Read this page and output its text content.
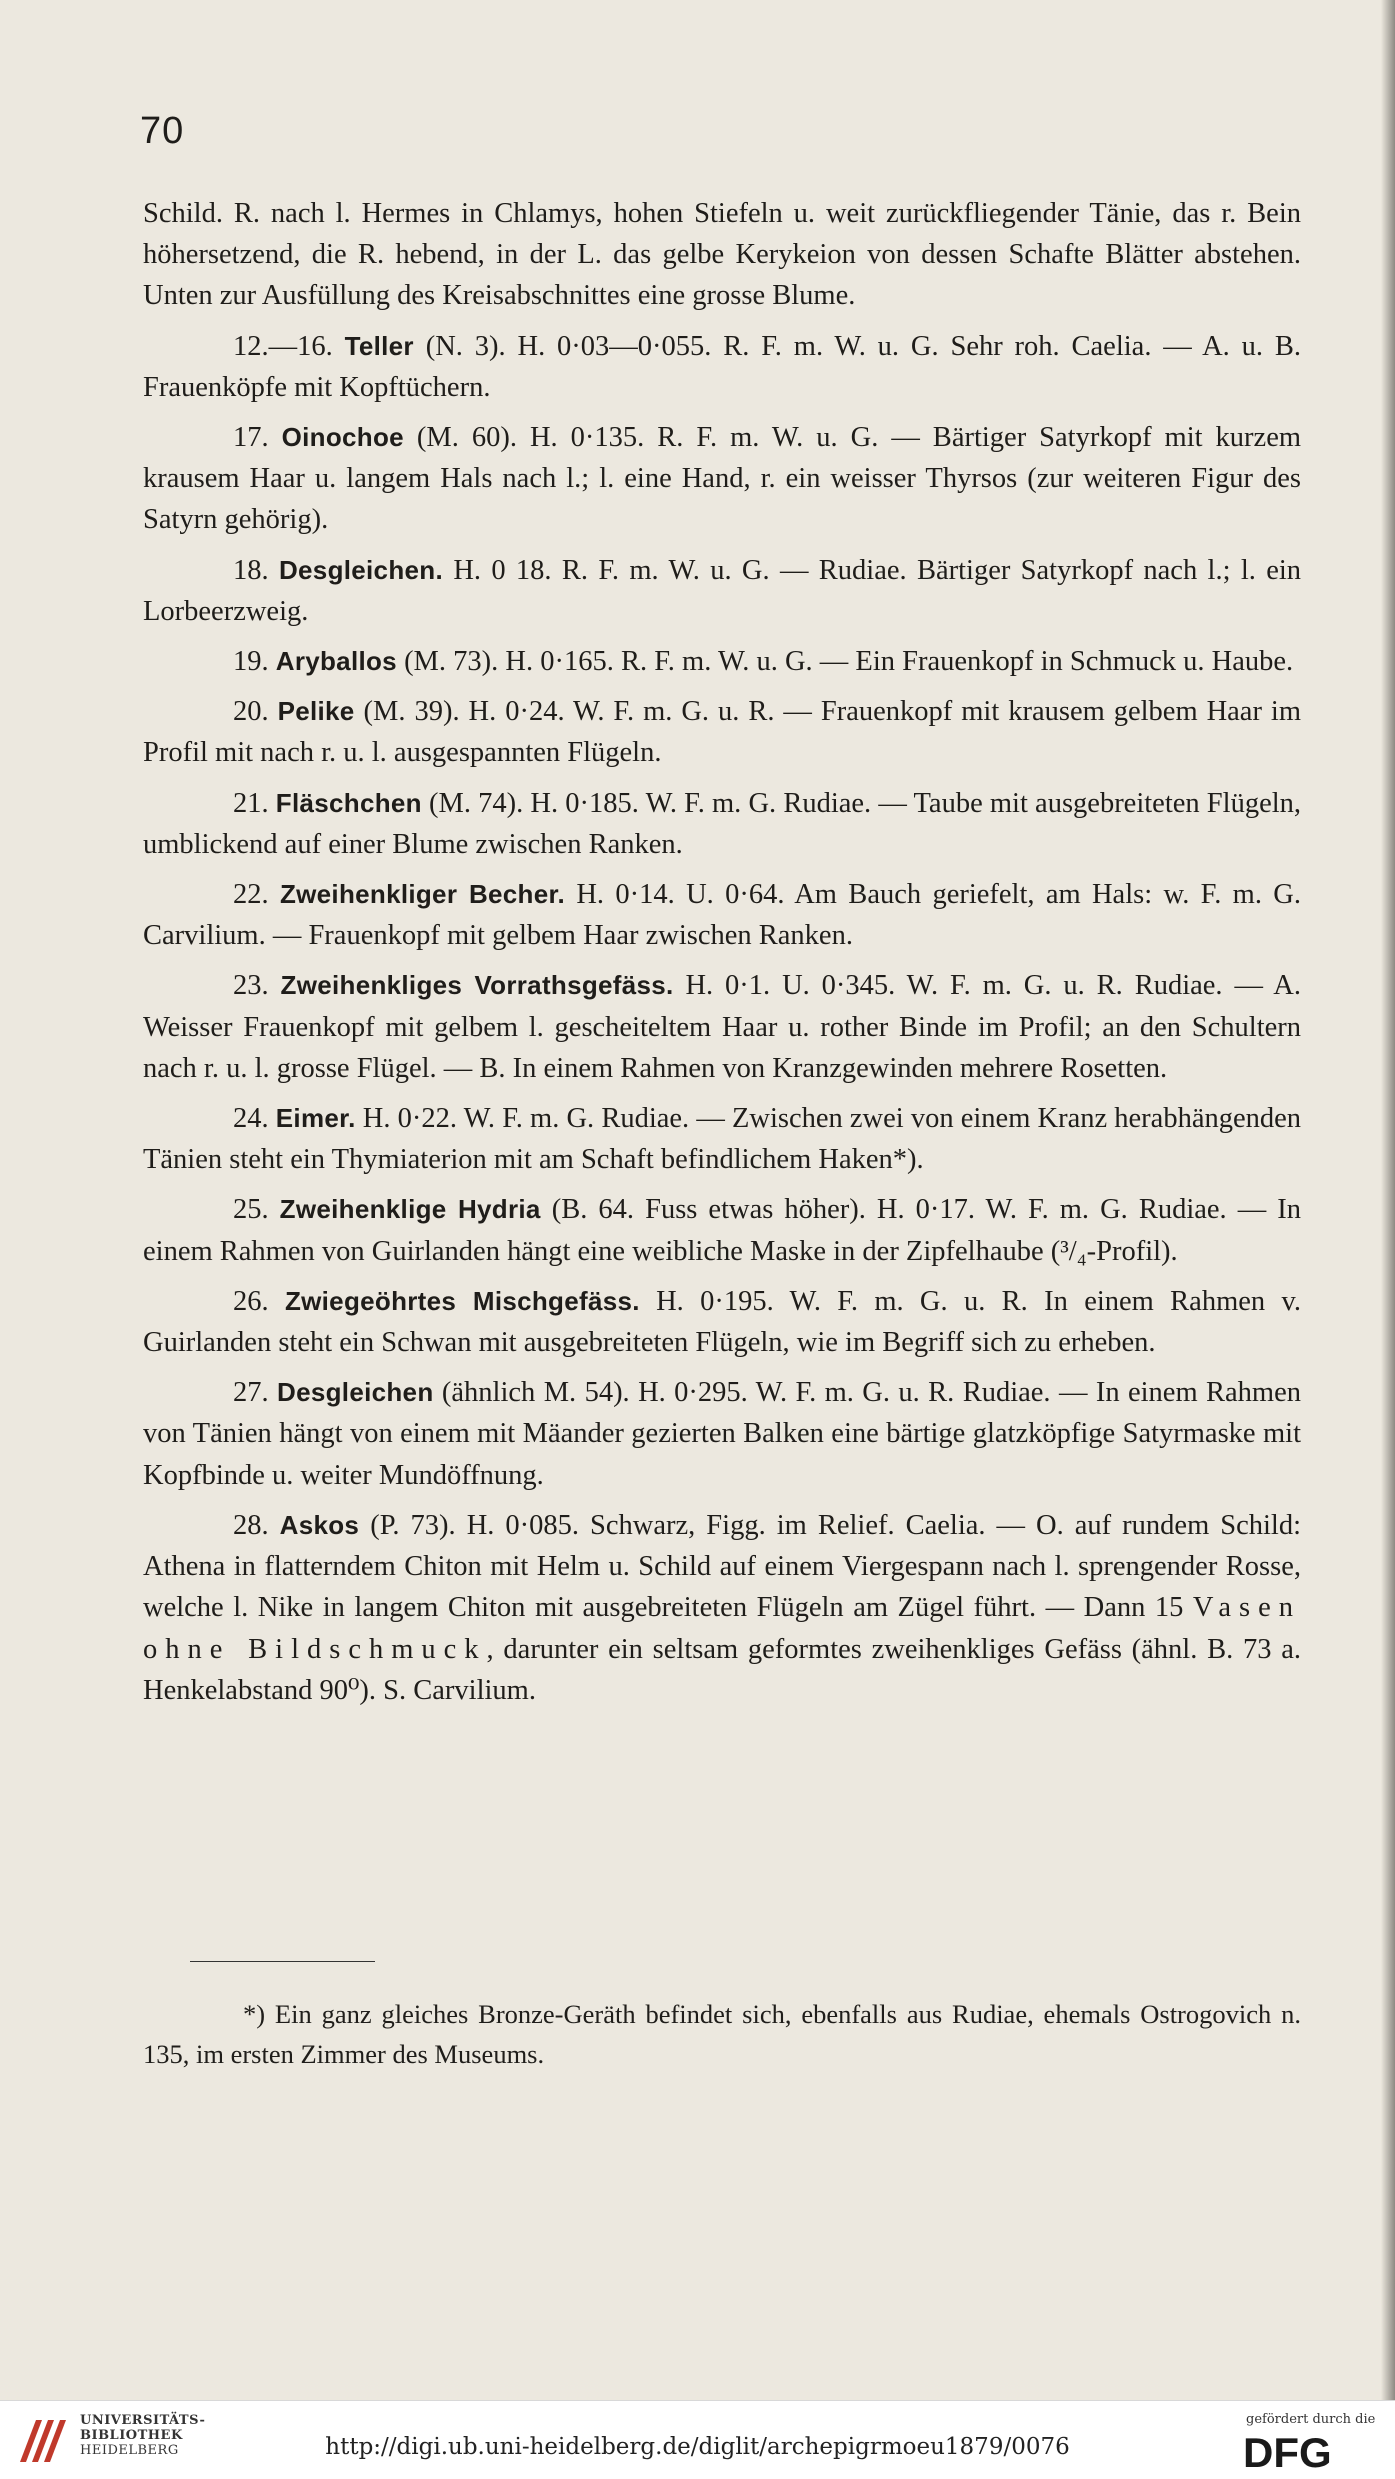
70

Schild. R. nach l. Hermes in Chlamys, hohen Stiefeln u. weit zurückfliegender Tänie, das r. Bein höhersetzend, die R. hebend, in der L. das gelbe Kerykeion von dessen Schafte Blätter abstehen. Unten zur Ausfüllung des Kreisabschnittes eine grosse Blume.

12.—16. Teller (N. 3). H. 0·03—0·055. R. F. m. W. u. G. Sehr roh. Caelia. — A. u. B. Frauenköpfe mit Kopftüchern.

17. Oinochoe (M. 60). H. 0·135. R. F. m. W. u. G. — Bärtiger Satyrkopf mit kurzem krausem Haar u. langem Hals nach l.; l. eine Hand, r. ein weisser Thyrsos (zur weiteren Figur des Satyrn gehörig).

18. Desgleichen. H. 0 18. R. F. m. W. u. G. — Rudiae. Bärtiger Satyrkopf nach l.; l. ein Lorbeerzweig.

19. Aryballos (M. 73). H. 0·165. R. F. m. W. u. G. — Ein Frauenkopf in Schmuck u. Haube.

20. Pelike (M. 39). H. 0·24. W. F. m. G. u. R. — Frauenkopf mit krausem gelbem Haar im Profil mit nach r. u. l. ausgespannten Flügeln.

21. Fläschchen (M. 74). H. 0·185. W. F. m. G. Rudiae. — Taube mit ausgebreiteten Flügeln, umblickend auf einer Blume zwischen Ranken.

22. Zweihenkliger Becher. H. 0·14. U. 0·64. Am Bauch geriefelt, am Hals: w. F. m. G. Carvilium. — Frauenkopf mit gelbem Haar zwischen Ranken.

23. Zweihenkliges Vorrathsgefäss. H. 0·1. U. 0·345. W. F. m. G. u. R. Rudiae. — A. Weisser Frauenkopf mit gelbem l. gescheiteltem Haar u. rother Binde im Profil; an den Schultern nach r. u. l. grosse Flügel. — B. In einem Rahmen von Kranzgewinden mehrere Rosetten.

24. Eimer. H. 0·22. W. F. m. G. Rudiae. — Zwischen zwei von einem Kranz herabhängenden Tänien steht ein Thymiaterion mit am Schaft befindlichem Haken*).

25. Zweihenklige Hydria (B. 64. Fuss etwas höher). H. 0·17. W. F. m. G. Rudiae. — In einem Rahmen von Guirlanden hängt eine weibliche Maske in der Zipfelhaube (³/₄-Profil).

26. Zwiegeöhrtes Mischgefäss. H. 0·195. W. F. m. G. u. R. In einem Rahmen v. Guirlanden steht ein Schwan mit ausgebreiteten Flügeln, wie im Begriff sich zu erheben.

27. Desgleichen (ähnlich M. 54). H. 0·295. W. F. m. G. u. R. Rudiae. — In einem Rahmen von Tänien hängt von einem mit Mäander gezierten Balken eine bärtige glatzköpfige Satyrmaske mit Kopfbinde u. weiter Mundöffnung.

28. Askos (P. 73). H. 0·085. Schwarz, Figg. im Relief. Caelia. — O. auf rundem Schild: Athena in flatterndem Chiton mit Helm u. Schild auf einem Viergespann nach l. sprengender Rosse, welche l. Nike in langem Chiton mit ausgebreiteten Flügeln am Zügel führt. — Dann 15 Vasen ohne Bildschmuck, darunter ein seltsam geformtes zweihenkliges Gefäss (ähnl. B. 73 a. Henkelabstand 90⁰). S. Carvilium.

*) Ein ganz gleiches Bronze-Geräth befindet sich, ebenfalls aus Rudiae, ehemals Ostrogovich n. 135, im ersten Zimmer des Museums.

UNIVERSITÄTS-
BIBLIOTHEK
HEIDELBERG	http://digi.ub.uni-heidelberg.de/diglit/archepigrmoeu1879/0076
gefördert durch die
DFG
